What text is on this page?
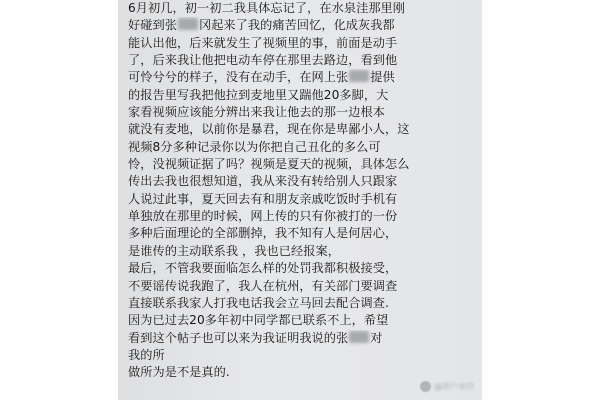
6月初几，初一初二我具体忘记了，在水泉洼那里刚
好碰到张 冈起来了我的痛苦回忆，化成灰我都
能认出他，后来就发生了视频里的事，前面是动手
了，后来我让他把电动车停在那里去路边，看到他
可怜兮兮的样子，没有在动手，在网上张 提供
的报告里写我把他拉到麦地里又踹他20多脚，大
家看视频应该能分辨出来我让他去的那一边根本
就没有麦地，以前你是暴君，现在你是卑鄙小人，这
视频8分多种记录你以为你把自己丑化的多么可
怜，没视频证据了吗？视频是夏天的视频，具体怎么
传出去我也很想知道，我从来没有转给别人只跟家
人说过此事，夏天回去有和朋友亲戚吃饭时手机有
单独放在那里的时候，网上传的只有你被打的一份
多种后面理论的全部删掉，我不知有人是何居心，
是谁传的主动联系我 ，我也已经报案，
最后，不管我要面临怎么样的处罚我都积极接受，
不要谣传说我跑了，我人在杭州，有关部门要调查
直接联系我家人打我电话我会立马回去配合调查.
因为已过去20多年初中同学都已联系不上，希望
看到这个帖子也可以来为我证明我说的张 对
我的所
做所为是不是真的.
@用户水印
